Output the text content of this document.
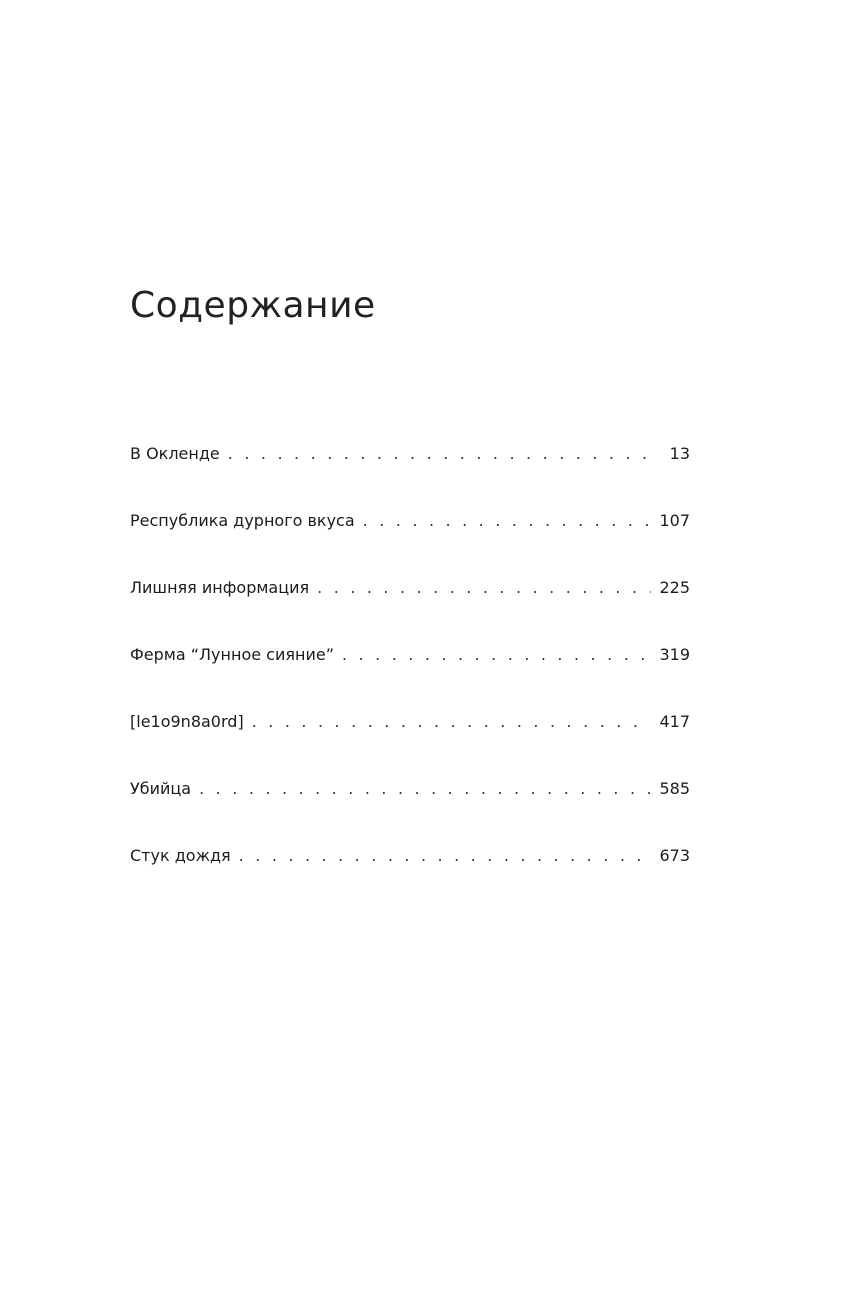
Содержание
В Окленде . . .	13
Республика дурного вкуса . . .	107
Лишняя информация . . .	225
Ферма “Лунное сияние” . . .	319
[le1o9n8a0rd] . . .	417
Убийца . . .	585
Стук дождя . . .	673
